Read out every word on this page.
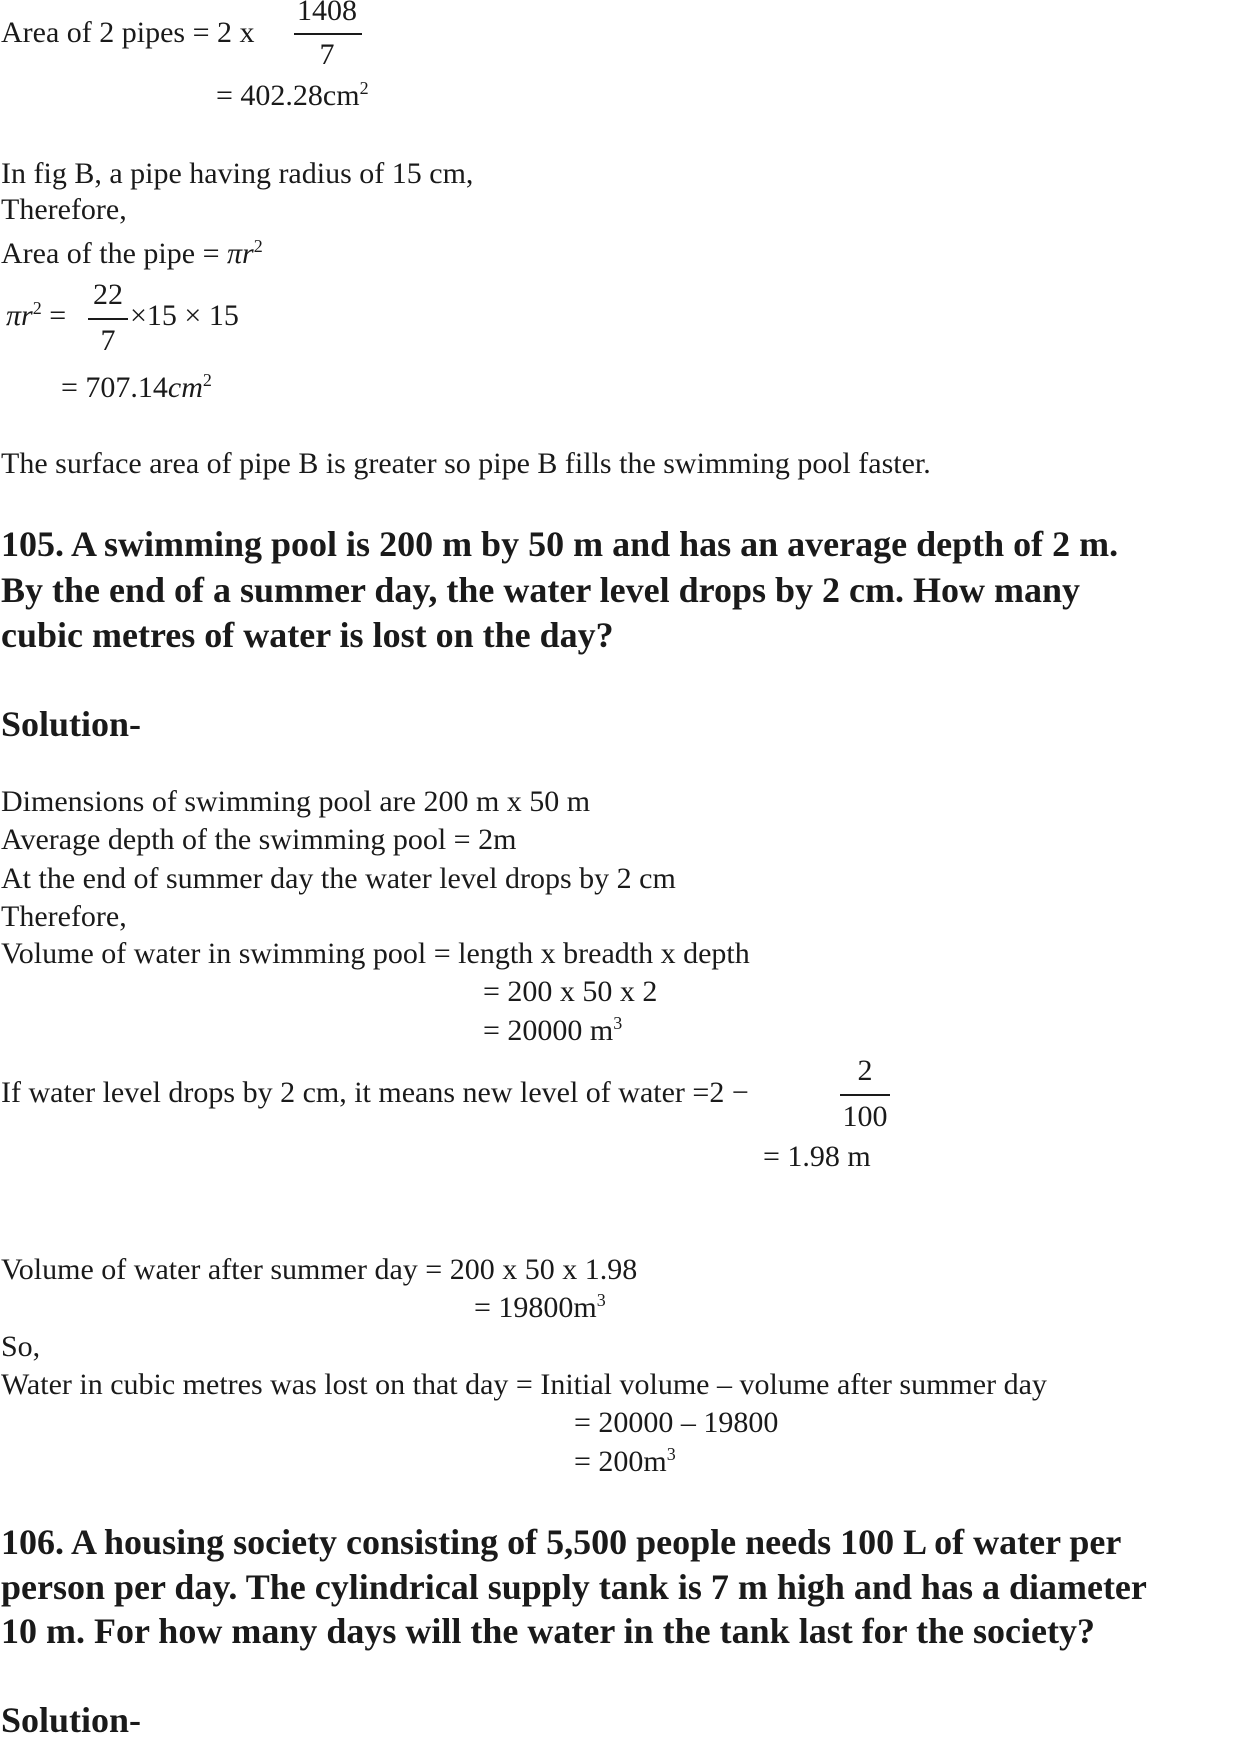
Area of 2 pipes = 2 x
1408
7
= $402.28cm^2$
In fig B, a pipe having radius of 15 cm,
Therefore,
Area of the pipe = $\pi r^2$
$\pi r^2$ =
22
7
×15 × 15
= $707.14cm^2$
The surface area of pipe B is greater so pipe B fills the swimming pool faster.
105. A swimming pool is 200 m by 50 m and has an average depth of 2 m.
By the end of a summer day, the water level drops by 2 cm. How many
cubic metres of water is lost on the day?
Solution-
Dimensions of swimming pool are 200 m x 50 m
Average depth of the swimming pool = 2m
At the end of summer day the water level drops by 2 cm
Therefore,
Volume of water in swimming pool = length x breadth x depth
= 200 x 50 x 2
= 20000 $m^3$
If water level drops by 2 cm, it means new level of water =2 −
2
100
= 1.98 m
Volume of water after summer day = 200 x 50 x 1.98
= $19800m^3$
So,
Water in cubic metres was lost on that day = Initial volume – volume after summer day
= 20000 – 19800
= $200m^3$
106. A housing society consisting of 5,500 people needs 100 L of water per
person per day. The cylindrical supply tank is 7 m high and has a diameter
10 m. For how many days will the water in the tank last for the society?
Solution-
